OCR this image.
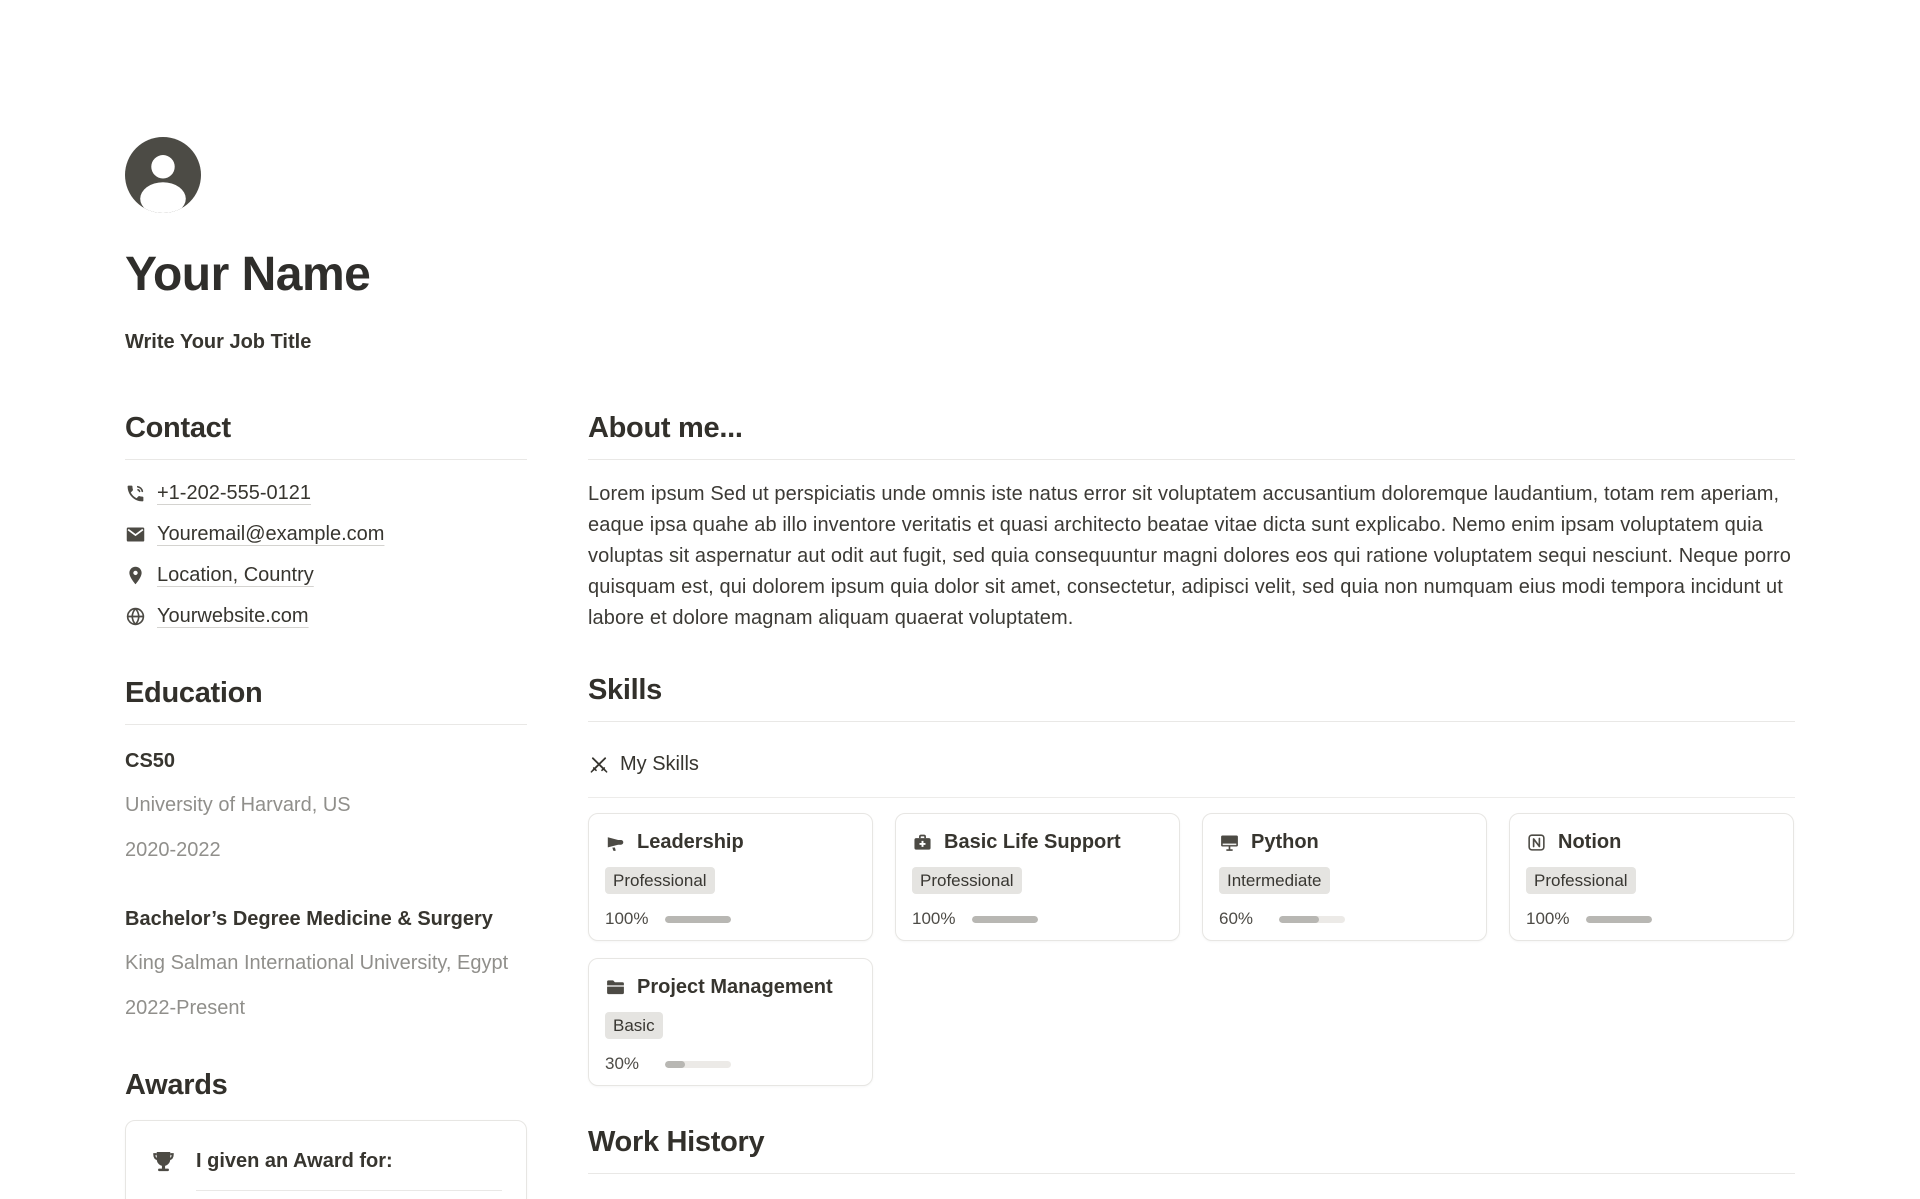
Your Name
Write Your Job Title
Contact
+1-202-555-0121
Youremail@example.com
Location, Country
Yourwebsite.com
Education
CS50
University of Harvard, US
2020-2022
Bachelor’s Degree Medicine & Surgery
King Salman International University, Egypt
2022-Present
Awards
I given an Award for:
About me...

Lorem ipsum Sed ut perspiciatis unde omnis iste natus error sit voluptatem accusantium doloremque laudantium, totam rem aperiam, eaque ipsa quahe ab illo inventore veritatis et quasi architecto beatae vitae dicta sunt explicabo. Nemo enim ipsam voluptatem quia voluptas sit aspernatur aut odit aut fugit, sed quia consequuntur magni dolores eos qui ratione voluptatem sequi nesciunt. Neque porro quisquam est, qui dolorem ipsum quia dolor sit amet, consectetur, adipisci velit, sed quia non numquam eius modi tempora incidunt ut labore et dolore magnam aliquam quaerat voluptatem.

Skills
My Skills
Leadership
Professional
100%
Basic Life Support
Professional
100%
Python
Intermediate
60%
Notion
Professional
100%
Project Management
Basic
30%
Work History
